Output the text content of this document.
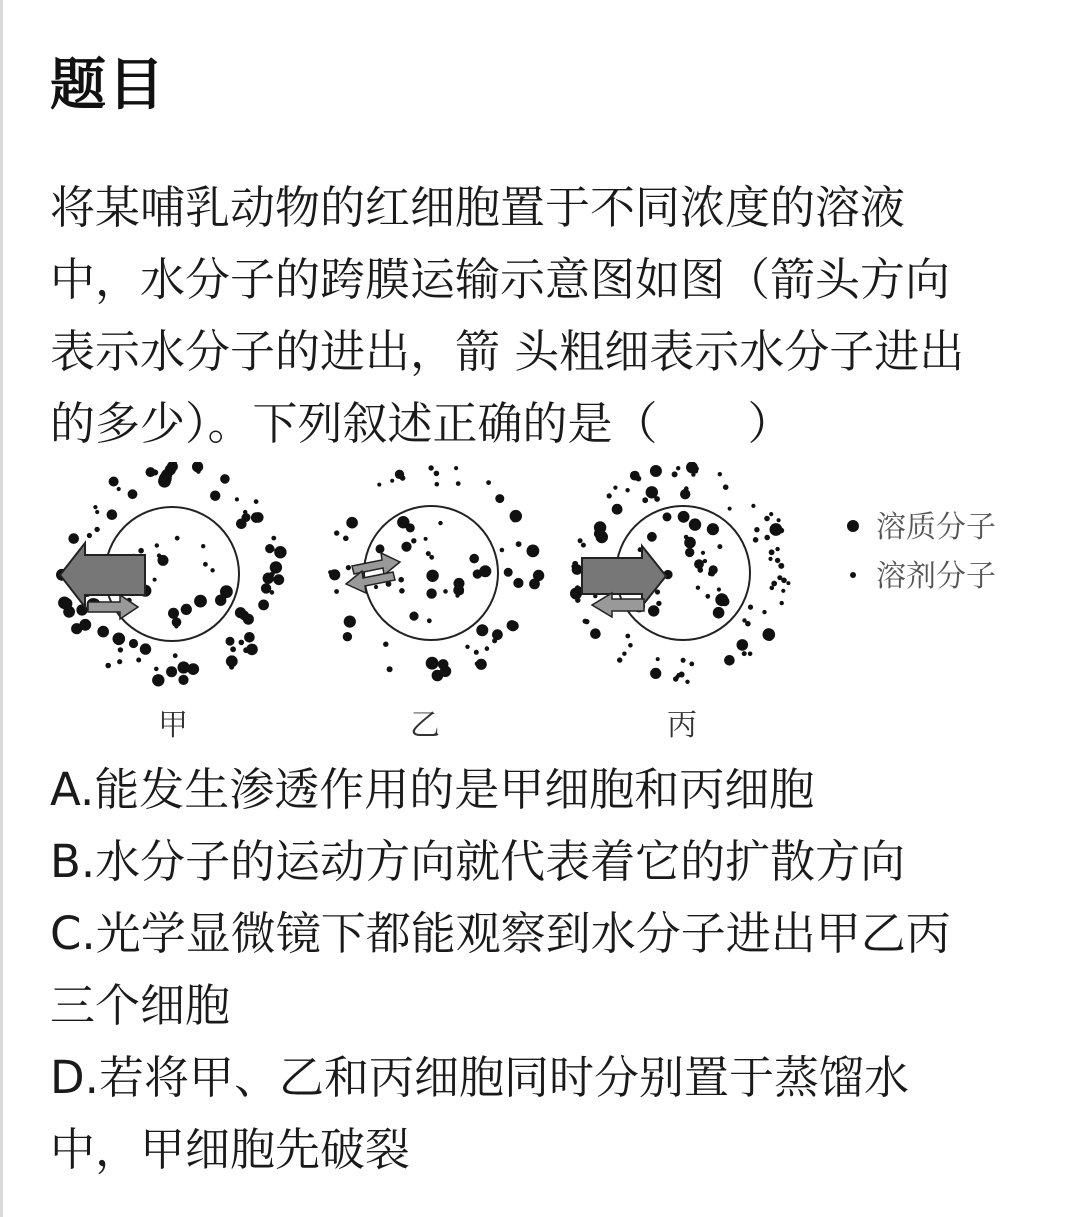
题目
将某哺乳动物的红细胞置于不同浓度的溶液
中，水分子的跨膜运输示意图如图（箭头方向
表示水分子的进出，箭 头粗细表示水分子进出
的多少）。下列叙述正确的是（　　）
甲	乙	丙
溶质分子
溶剂分子
A.能发生渗透作用的是甲细胞和丙细胞
B.水分子的运动方向就代表着它的扩散方向
C.光学显微镜下都能观察到水分子进出甲乙丙
三个细胞
D.若将甲、乙和丙细胞同时分别置于蒸馏水
中，甲细胞先破裂
